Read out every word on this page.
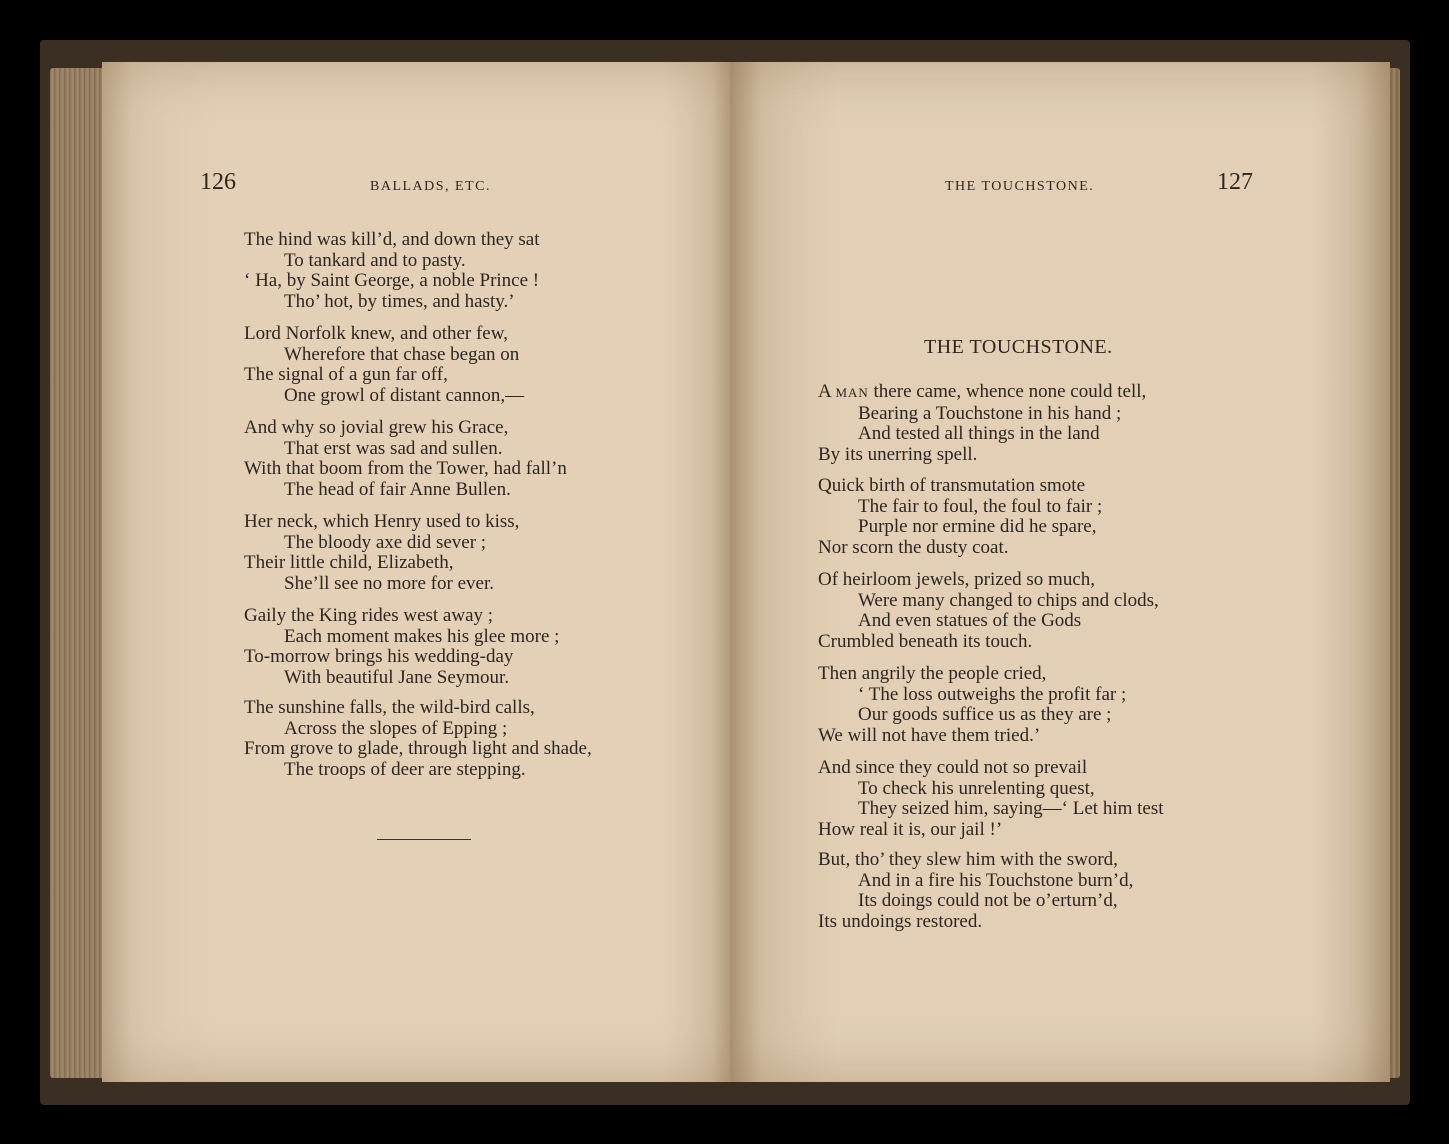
126	BALLADS, ETC.
The hind was kill’d, and down they sat
To tankard and to pasty.
‘ Ha, by Saint George, a noble Prince !
Tho’ hot, by times, and hasty.’
Lord Norfolk knew, and other few,
Wherefore that chase began on
The signal of a gun far off,
One growl of distant cannon,—
And why so jovial grew his Grace,
That erst was sad and sullen.
With that boom from the Tower, had fall’n
The head of fair Anne Bullen.
Her neck, which Henry used to kiss,
The bloody axe did sever ;
Their little child, Elizabeth,
She’ll see no more for ever.
Gaily the King rides west away ;
Each moment makes his glee more ;
To-morrow brings his wedding-day
With beautiful Jane Seymour.
The sunshine falls, the wild-bird calls,
Across the slopes of Epping ;
From grove to glade, through light and shade,
The troops of deer are stepping.
THE TOUCHSTONE.	127
THE TOUCHSTONE.
A MAN there came, whence none could tell,
Bearing a Touchstone in his hand ;
And tested all things in the land
By its unerring spell.
Quick birth of transmutation smote
The fair to foul, the foul to fair ;
Purple nor ermine did he spare,
Nor scorn the dusty coat.
Of heirloom jewels, prized so much,
Were many changed to chips and clods,
And even statues of the Gods
Crumbled beneath its touch.
Then angrily the people cried,
‘ The loss outweighs the profit far ;
Our goods suffice us as they are ;
We will not have them tried.’
And since they could not so prevail
To check his unrelenting quest,
They seized him, saying—‘ Let him test
How real it is, our jail !’
But, tho’ they slew him with the sword,
And in a fire his Touchstone burn’d,
Its doings could not be o’erturn’d,
Its undoings restored.
